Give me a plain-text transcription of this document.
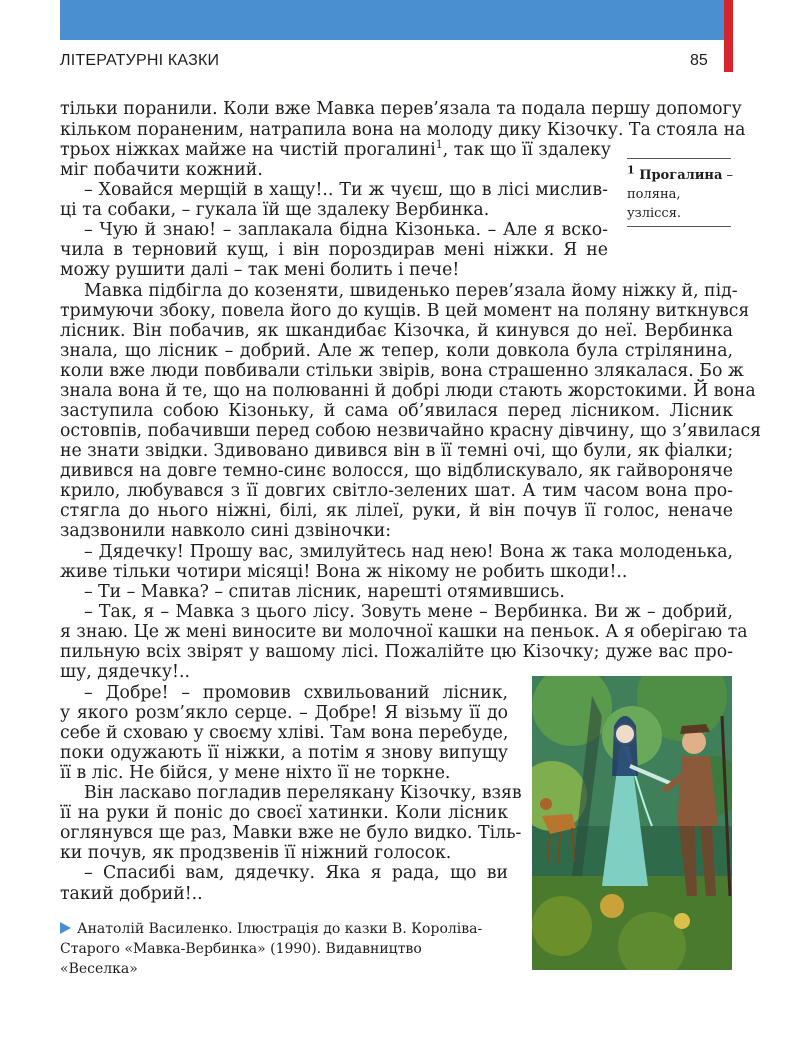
ЛІТЕРАТУРНІ КАЗКИ	85
тільки поранили. Коли вже Мавка перев’язала та подала першу допомогу
кільком пораненим, натрапила вона на молоду дику Кізочку. Та стояла на
трьох ніжках майже на чистій прогалині$^1$, так що її здалеку
міг побачити кожний.
– Ховайся мерщій в хащу!.. Ти ж чуєш, що в лісі мислив-
ці та собаки, – гукала їй ще здалеку Вербинка.
– Чую й знаю! – заплакала бідна Кізонька. – Але я вско-
чила в терновий кущ, і він пороздирав мені ніжки. Я не
можу рушити далі – так мені болить і пече!
Мавка підбігла до козеняти, швиденько перев’язала йому ніжку й, під-
тримуючи збоку, повела його до кущів. В цей момент на поляну виткнувся
лісник. Він побачив, як шкандибає Кізочка, й кинувся до неї. Вербинка
знала, що лісник – добрий. Але ж тепер, коли довкола була стрілянина,
коли вже люди повбивали стільки звірів, вона страшенно злякалася. Бо ж
знала вона й те, що на полюванні й добрі люди стають жорстокими. Й вона
заступила собою Кізоньку, й сама об’явилася перед лісником. Лісник
остовпів, побачивши перед собою незвичайно красну дівчину, що з’явилася
не знати звідки. Здивовано дивився він в її темні очі, що були, як фіалки;
дивився на довге темно-синє волосся, що відблискувало, як гайвороняче
крило, любувався з її довгих світло-зелених шат. А тим часом вона про-
стягла до нього ніжні, білі, як лілеї, руки, й він почув її голос, неначе
задзвонили навколо сині дзвіночки:
– Дядечку! Прошу вас, змилуйтесь над нею! Вона ж така молоденька,
живе тільки чотири місяці! Вона ж нікому не робить шкоди!..
– Ти – Мавка? – спитав лісник, нарешті отямившись.
– Так, я – Мавка з цього лісу. Зовуть мене – Вербинка. Ви ж – добрий,
я знаю. Це ж мені виносите ви молочної кашки на пеньок. А я оберігаю та
пильную всіх звірят у вашому лісі. Пожалійте цю Кізочку; дуже вас про-
шу, дядечку!..
– Добре! – промовив схвильований лісник,
у якого розм’якло серце. – Добре! Я візьму її до
себе й сховаю у своєму хліві. Там вона перебуде,
поки одужають її ніжки, а потім я знову випущу
її в ліс. Не бійся, у мене ніхто її не торкне.
Він ласкаво погладив перелякану Кізочку, взяв
її на руки й поніс до своєї хатинки. Коли лісник
оглянувся ще раз, Мавки вже не було видко. Тіль-
ки почув, як продзвенів її ніжний голосок.
– Спасибі вам, дядечку. Яка я рада, що ви
такий добрий!..
$^1$ Прогалина –
поляна, узлісся.
Анатолій Василенко. Ілюстрація до казки В. Короліва-
Старого «Мавка-Вербинка» (1990). Видавництво
«Веселка»
